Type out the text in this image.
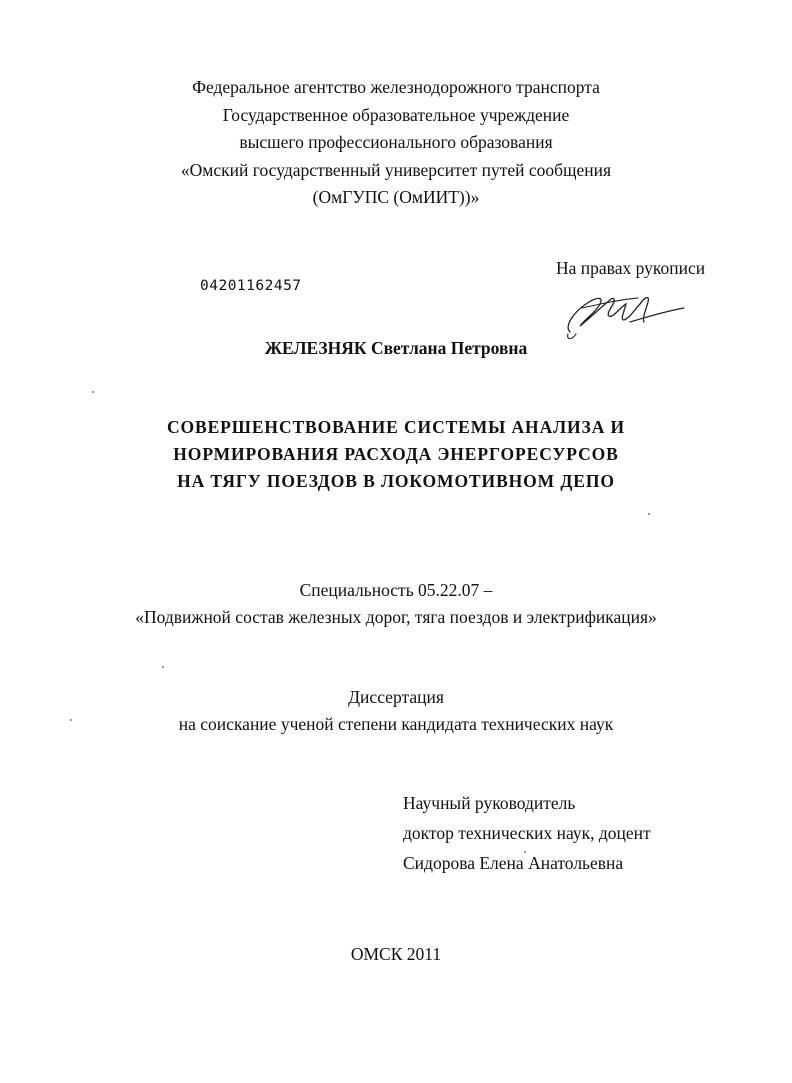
Федеральное агентство железнодорожного транспорта
Государственное образовательное учреждение
высшего профессионального образования
«Омский государственный университет путей сообщения
(ОмГУПС (ОмИИТ))»
На правах рукописи
04201162457
ЖЕЛЕЗНЯК Светлана Петровна
СОВЕРШЕНСТВОВАНИЕ СИСТЕМЫ АНАЛИЗА И
НОРМИРОВАНИЯ РАСХОДА ЭНЕРГОРЕСУРСОВ
НА ТЯГУ ПОЕЗДОВ В ЛОКОМОТИВНОМ ДЕПО
Специальность 05.22.07 –
«Подвижной состав железных дорог, тяга поездов и электрификация»
Диссертация
на соискание ученой степени кандидата технических наук
Научный руководитель
доктор технических наук, доцент
Сидорова Елена Анатольевна
ОМСК 2011
